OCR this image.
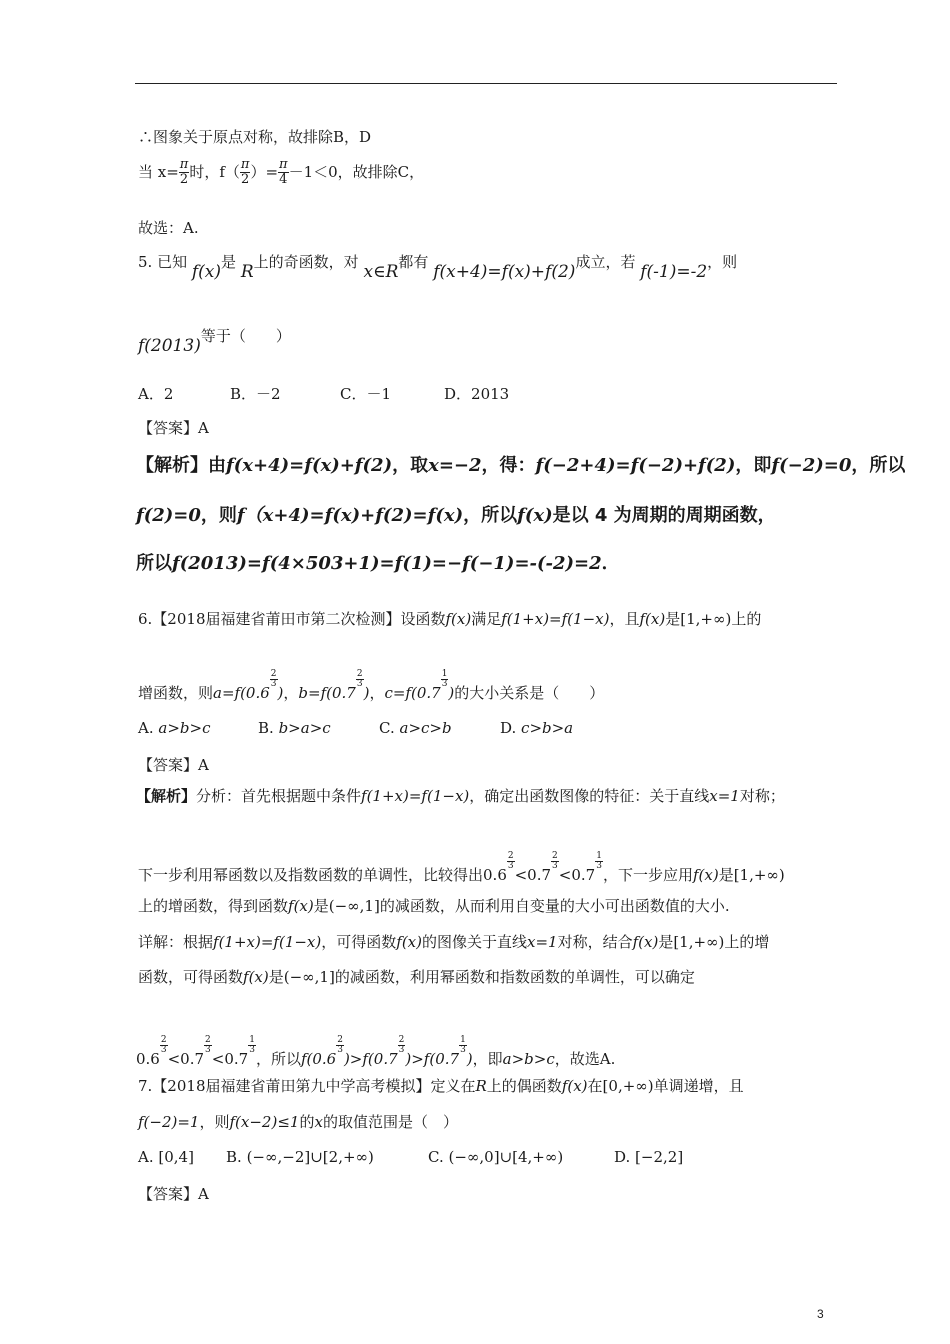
∴图象关于原点对称，故排除B，D
当 $x= \frac{\pi}{2}$ 时，$f( \frac{\pi}{2}$ ）= $\frac{\pi}{4} -1<0$，故排除C，
故选：A.
5. 已知 f(x)是 R上的奇函数，对 x∈R都有 f(x+4)=f(x)+f(2)成立，若 f(-1)=-2，则
f(2013)等于（　　）
A．2	B．－2	C．－1	D．2013
【答案】A
【解析】由f(x+4)=f(x)+f(2)，取x=−2，得：f(−2+4)=f(−2)+f(2)，即f(−2)=0，所以
f(2)=0，则f（x+4)=f(x)+f(2)=f(x)，所以f(x)是以 4 为周期的周期函数，
所以f(2013)=f(4×503+1)=f(1)=−f(−1)=-(-2)=2．
6.【2018届福建省莆田市第二次检测】设函数f(x)满足f(1+x)=f(1−x)，且f(x)是[1,+∞)上的
增函数，则a=f(0.6
$\frac{2}{3}$
)，b=f(0.7
$\frac{2}{3}$
)，c=f(0.7
$\frac{1}{3}$
)的大小关系是（　　）
A. a>b>c	B. b>a>c	C. a>c>b	D. c>b>a
【答案】A
【解析】分析：首先根据题中条件f(1+x)=f(1−x)，确定出函数图像的特征：关于直线x=1对称；
下一步利用幂函数以及指数函数的单调性，比较得出0.6
$\frac{2}{3}$
<0.7
$\frac{2}{3}$
<0.7
$\frac{1}{3}$
，下一步应用f(x)是[1,+∞)
上的增函数，得到函数f(x)是(−∞,1]的减函数，从而利用自变量的大小可出函数值的大小.
详解：根据f(1+x)=f(1−x)，可得函数f(x)的图像关于直线x=1对称，结合f(x)是[1,+∞)上的增
函数，可得函数f(x)是(−∞,1]的减函数，利用幂函数和指数函数的单调性，可以确定
0.6
$\frac{2}{3}$
<0.7
$\frac{2}{3}$
<0.7
$\frac{1}{3}$
，所以f(0.6
$\frac{2}{3}$
)>f(0.7
$\frac{2}{3}$
)>f(0.7
$\frac{1}{3}$
)，即a>b>c，故选A.
7.【2018届福建省莆田第九中学高考模拟】定义在R上的偶函数f(x)在[0,+∞)单调递增，且
f(−2)=1，则f(x−2)≤1的x的取值范围是（　）
A. [0,4] B. (−∞,−2]∪[2,+∞)	C. (−∞,0]∪[4,+∞)	D. [−2,2]
【答案】A
3
